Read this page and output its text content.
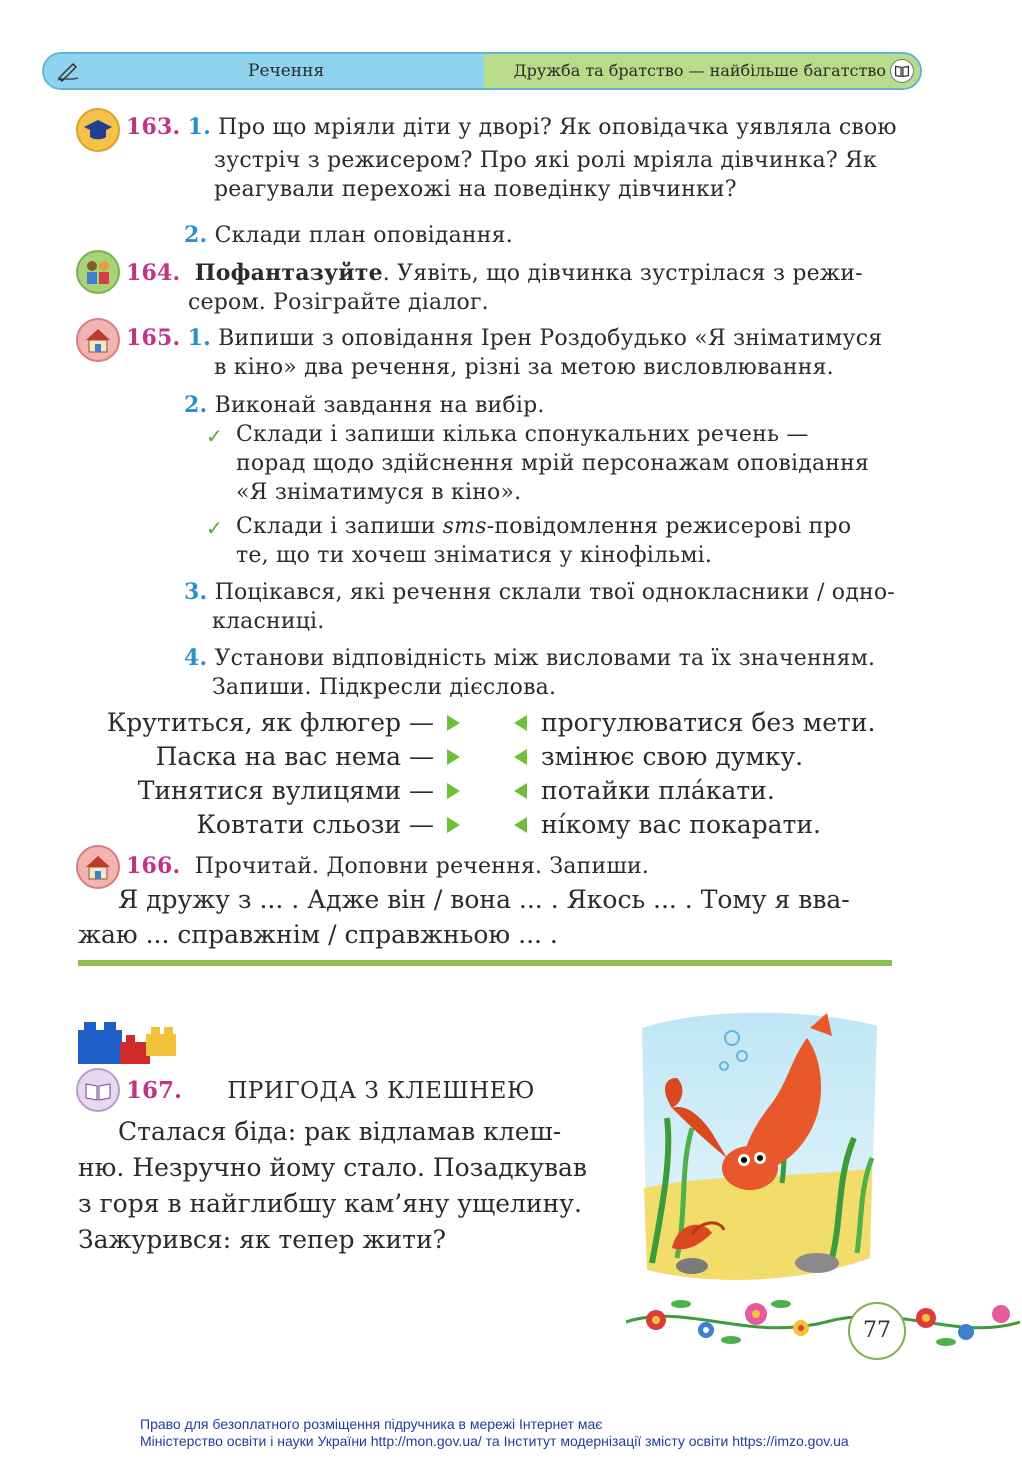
Речення	Дружба та братство — найбільше багатство
163. 1. Про що мріяли діти у дворі? Як оповідачка уявляла свою
зустріч з режисером? Про які ролі мріяла дівчинка? Як
реагували перехожі на поведінку дівчинки?
2. Склади план оповідання.
164. Пофантазуйте. Уявіть, що дівчинка зустрілася з режи-
сером. Розіграйте діалог.
165. 1. Випиши з оповідання Ірен Роздобудько «Я зніматимуся
в кіно» два речення, різні за метою висловлювання.
2. Виконай завдання на вибір.
✓ Склади і запиши кілька спонукальних речень —
порад щодо здійснення мрій персонажам оповідання
«Я зніматимуся в кіно».
✓ Склади і запиши sms-повідомлення режисерові про
те, що ти хочеш зніматися у кінофільмі.
3. Поцікався, які речення склали твої однокласники / одно-
класниці.
4. Установи відповідність між висловами та їх значенням.
Запиши. Підкресли дієслова.
Крутиться, як флюгер —
Паска на вас нема —
Тинятися вулицями —
Ковтати сльози —
прогулюватися без мети.
змінює свою думку.
потайки пла́кати.
ні́кому вас покарати.
166. Прочитай. Доповни речення. Запиши.
Я дружу з ... . Адже він / вона ... . Якось ... . Тому я вва-
жаю ... справжнім / справжньою ... .
167. ПРИГОДА З КЛЕШНЕЮ
Сталася біда: рак відламав клеш-
ню. Незручно йому стало. Позадкував
з горя в найглибшу кам’яну ущелину.
Зажурився: як тепер жити?
77
Право для безоплатного розміщення підручника в мережі Інтернет має
Міністерство освіти і науки України http://mon.gov.ua/ та Інститут модернізації змісту освіти https://imzo.gov.ua
